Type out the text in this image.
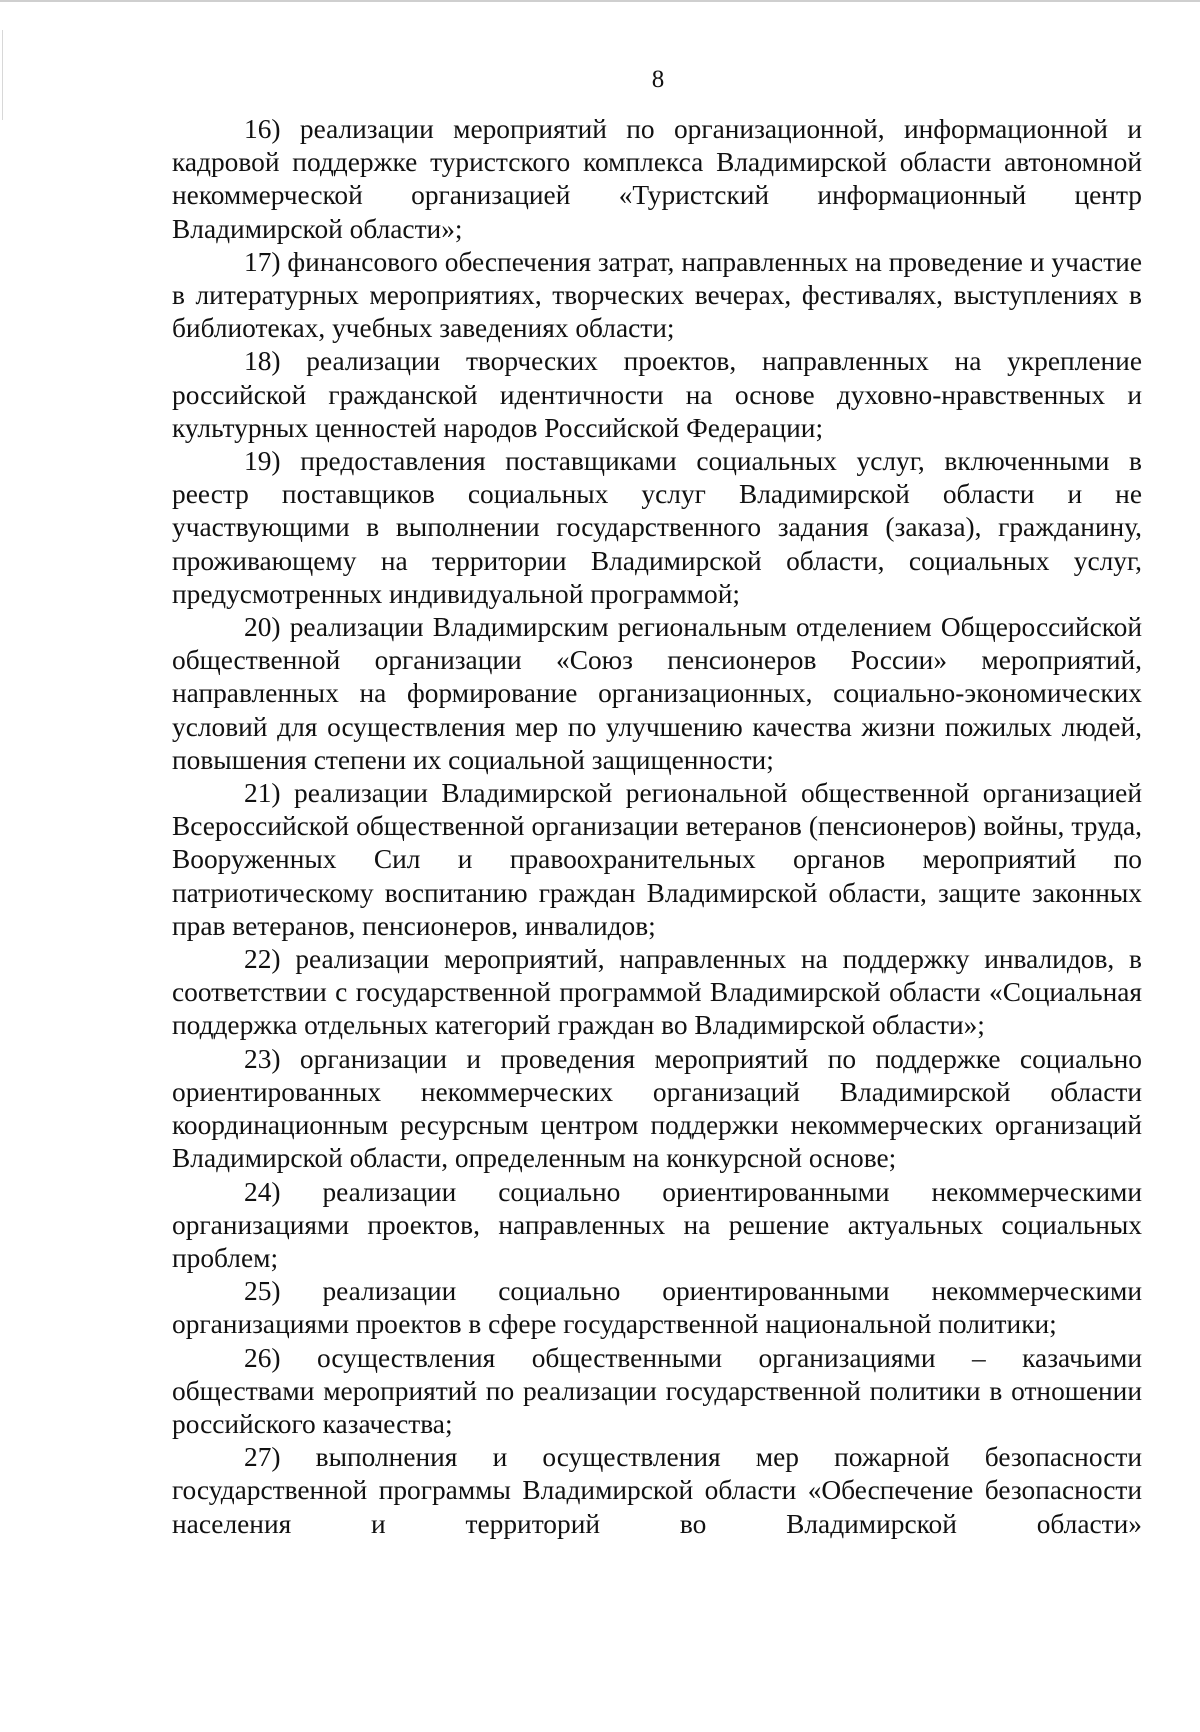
8

16) реализации мероприятий по организационной, информационной и кадровой поддержке туристского комплекса Владимирской области автономной некоммерческой организацией «Туристский информационный центр Владимирской области»;

17) финансового обеспечения затрат, направленных на проведение и участие в литературных мероприятиях, творческих вечерах, фестивалях, выступлениях в библиотеках, учебных заведениях области;

18) реализации творческих проектов, направленных на укрепление российской гражданской идентичности на основе духовно-нравственных и культурных ценностей народов Российской Федерации;

19) предоставления поставщиками социальных услуг, включенными в реестр поставщиков социальных услуг Владимирской области и не участвующими в выполнении государственного задания (заказа), гражданину, проживающему на территории Владимирской области, социальных услуг, предусмотренных индивидуальной программой;

20) реализации Владимирским региональным отделением Общероссийской общественной организации «Союз пенсионеров России» мероприятий, направленных на формирование организационных, социально-экономических условий для осуществления мер по улучшению качества жизни пожилых людей, повышения степени их социальной защищенности;

21) реализации Владимирской региональной общественной организацией Всероссийской общественной организации ветеранов (пенсионеров) войны, труда, Вооруженных Сил и правоохранительных органов мероприятий по патриотическому воспитанию граждан Владимирской области, защите законных прав ветеранов, пенсионеров, инвалидов;

22) реализации мероприятий, направленных на поддержку инвалидов, в соответствии с государственной программой Владимирской области «Социальная поддержка отдельных категорий граждан во Владимирской области»;

23) организации и проведения мероприятий по поддержке социально ориентированных некоммерческих организаций Владимирской области координационным ресурсным центром поддержки некоммерческих организаций Владимирской области, определенным на конкурсной основе;

24) реализации социально ориентированными некоммерческими организациями проектов, направленных на решение актуальных социальных проблем;

25) реализации социально ориентированными некоммерческими организациями проектов в сфере государственной национальной политики;

26) осуществления общественными организациями – казачьими обществами мероприятий по реализации государственной политики в отношении российского казачества;

27) выполнения и осуществления мер пожарной безопасности государственной программы Владимирской области «Обеспечение безопасности населения и территорий во Владимирской области»
